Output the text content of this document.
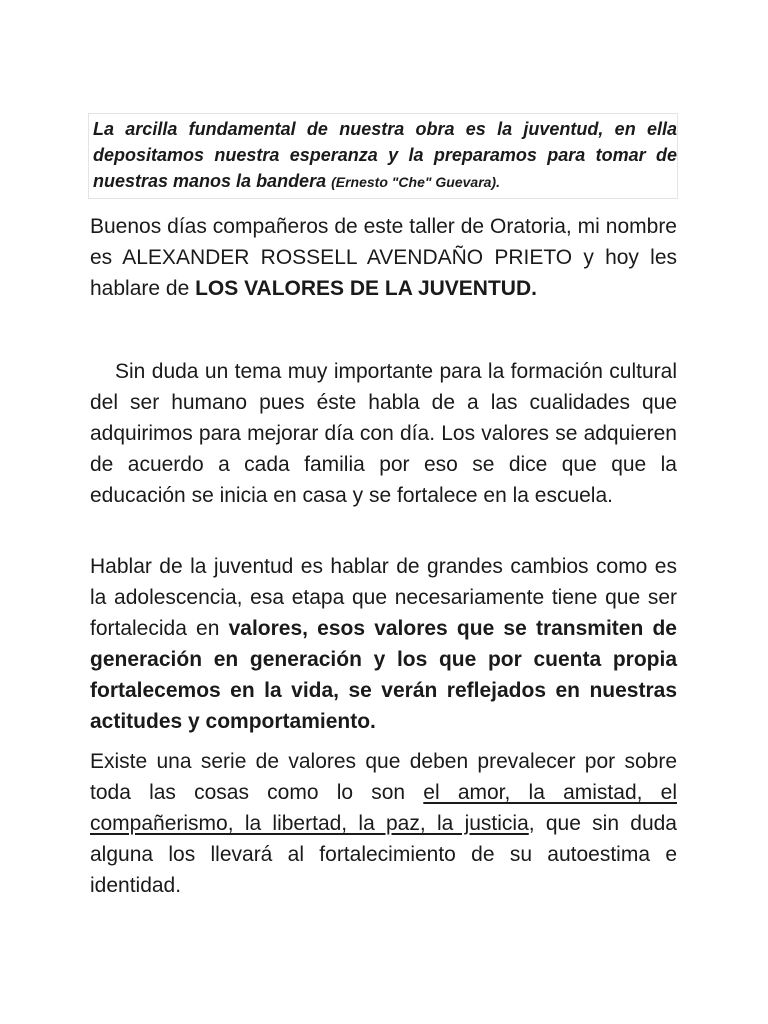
La arcilla fundamental de nuestra obra es la juventud, en ella depositamos nuestra esperanza y la preparamos para tomar de nuestras manos la bandera (Ernesto "Che" Guevara).

Buenos días compañeros de este taller de Oratoria, mi nombre es ALEXANDER ROSSELL AVENDAÑO PRIETO y hoy les hablare de LOS VALORES DE LA JUVENTUD.

Sin duda un tema muy importante para la formación cultural del ser humano pues éste habla de a las cualidades que adquirimos para mejorar día con día. Los valores se adquieren de acuerdo a cada familia por eso se dice que que la educación se inicia en casa y se fortalece en la escuela.

Hablar de la juventud es hablar de grandes cambios como es la adolescencia, esa etapa que necesariamente tiene que ser fortalecida en valores, esos valores que se transmiten de generación en generación y los que por cuenta propia fortalecemos en la vida, se verán reflejados en nuestras actitudes y comportamiento.

Existe una serie de valores que deben prevalecer por sobre toda las cosas como lo son el amor, la amistad, el compañerismo, la libertad, la paz, la justicia, que sin duda alguna los llevará al fortalecimiento de su autoestima e identidad.
